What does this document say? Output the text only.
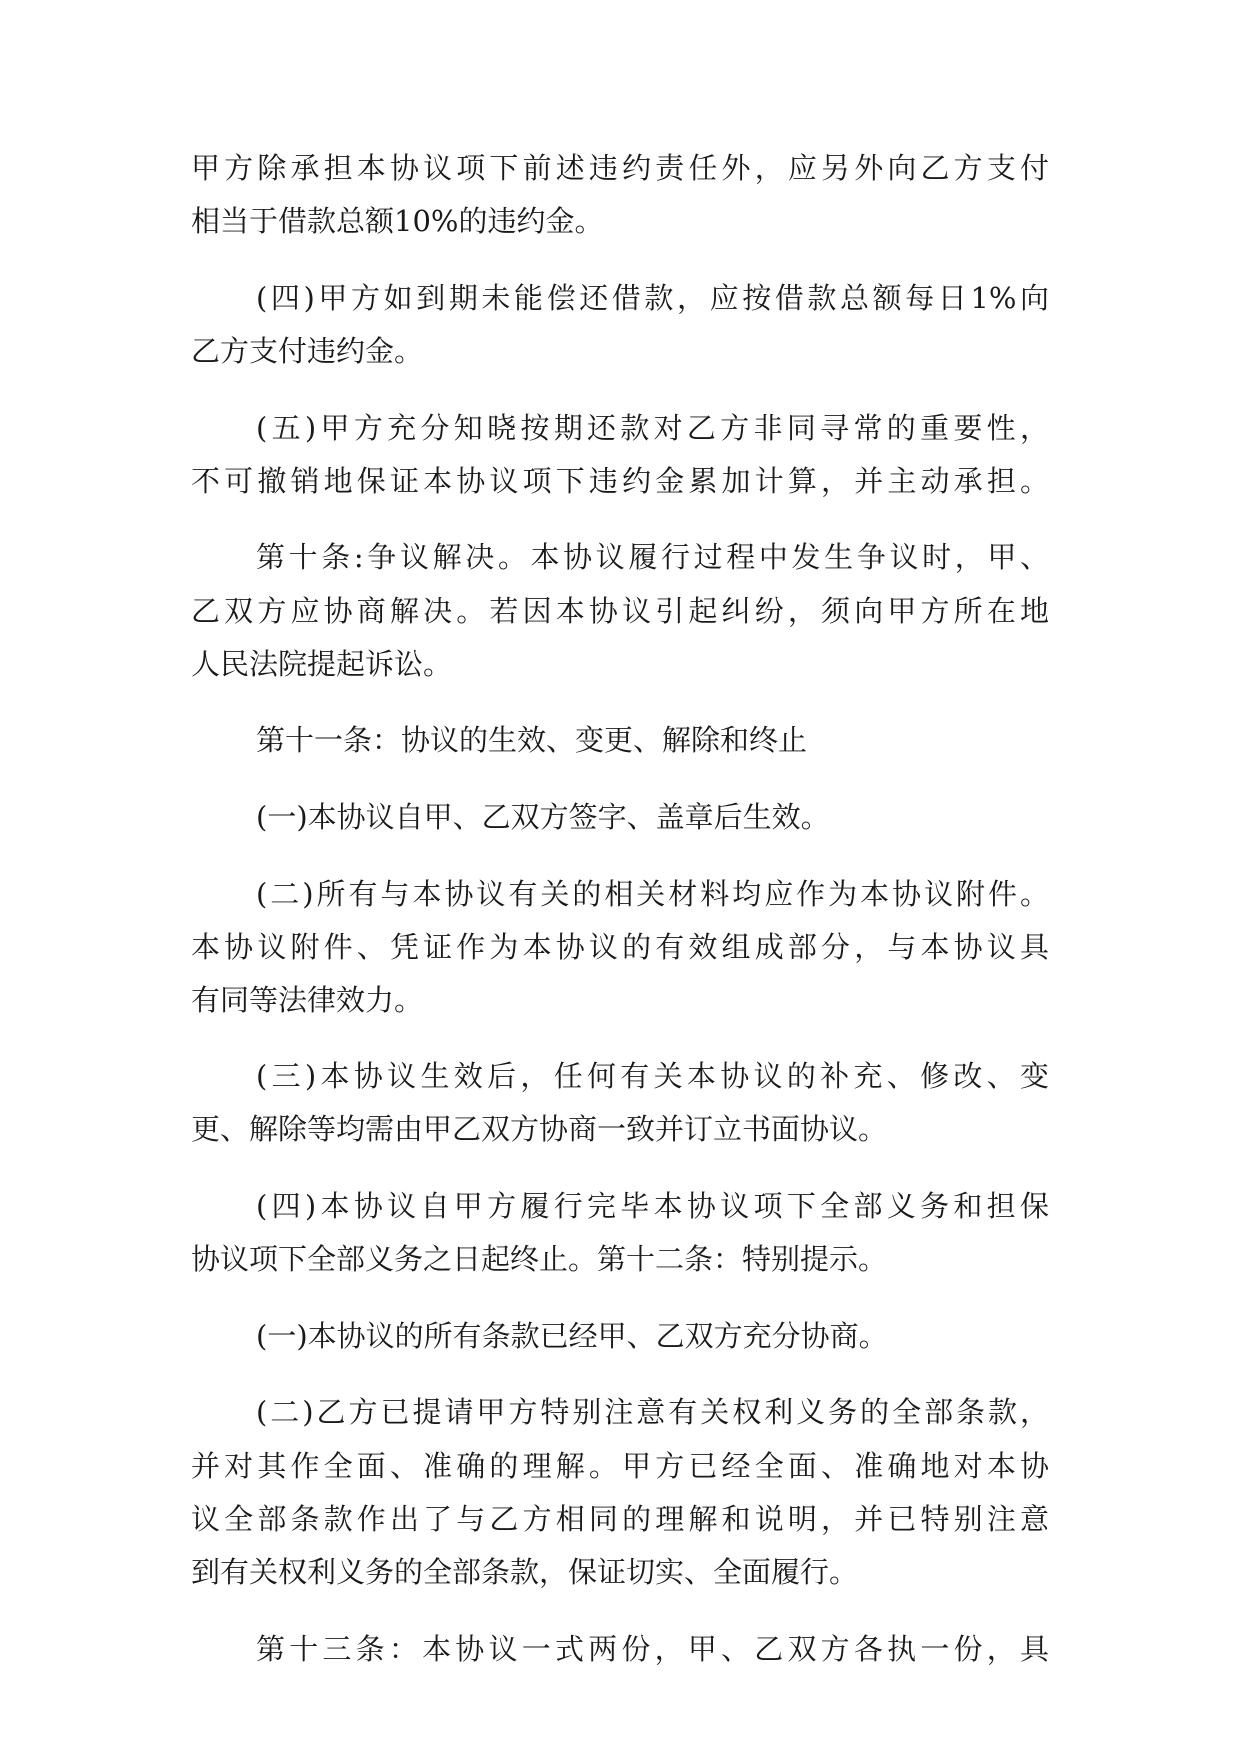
甲方除承担本协议项下前述违约责任外，应另外向乙方支付
相当于借款总额10%的违约金。
(四)甲方如到期未能偿还借款，应按借款总额每日1%向
乙方支付违约金。
(五)甲方充分知晓按期还款对乙方非同寻常的重要性，
不可撤销地保证本协议项下违约金累加计算，并主动承担。
第十条:争议解决。本协议履行过程中发生争议时，甲、
乙双方应协商解决。若因本协议引起纠纷，须向甲方所在地
人民法院提起诉讼。
第十一条：协议的生效、变更、解除和终止
(一)本协议自甲、乙双方签字、盖章后生效。
(二)所有与本协议有关的相关材料均应作为本协议附件。
本协议附件、凭证作为本协议的有效组成部分，与本协议具
有同等法律效力。
(三)本协议生效后，任何有关本协议的补充、修改、变
更、解除等均需由甲乙双方协商一致并订立书面协议。
(四)本协议自甲方履行完毕本协议项下全部义务和担保
协议项下全部义务之日起终止。第十二条：特别提示。
(一)本协议的所有条款已经甲、乙双方充分协商。
(二)乙方已提请甲方特别注意有关权利义务的全部条款，
并对其作全面、准确的理解。甲方已经全面、准确地对本协
议全部条款作出了与乙方相同的理解和说明，并已特别注意
到有关权利义务的全部条款，保证切实、全面履行。
第十三条：本协议一式两份，甲、乙双方各执一份，具
